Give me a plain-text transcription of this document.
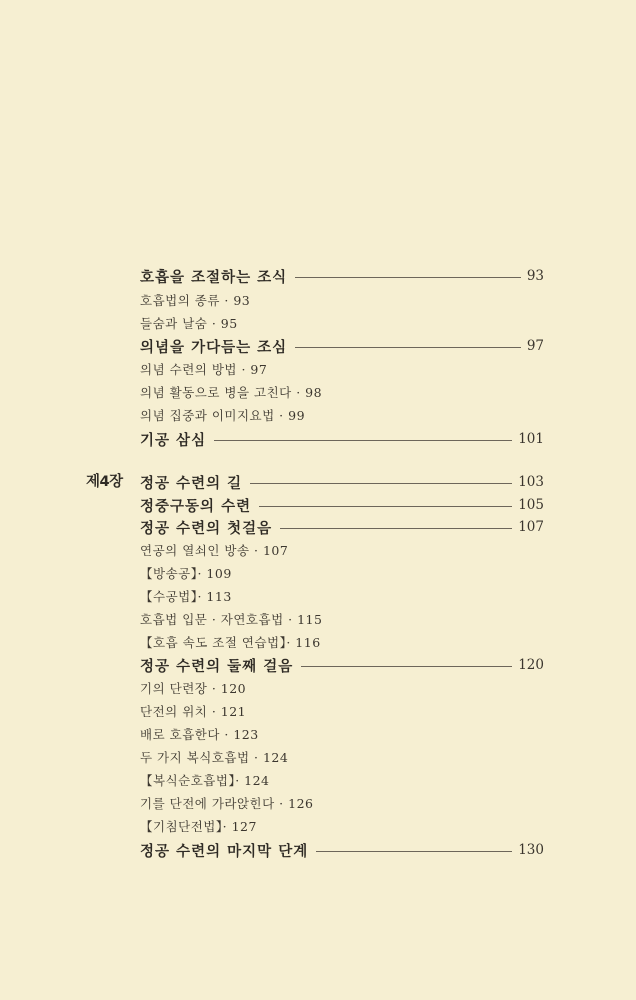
호흡을 조절하는 조식	93
호흡법의 종류 · 93
들숨과 날숨 · 95
의념을 가다듬는 조심	97
의념 수련의 방법 · 97
의념 활동으로 병을 고친다 · 98
의념 집중과 이미지요법 · 99
기공 삼심	101
제4장 정공 수련의 길	103
정중구동의 수련	105
정공 수련의 첫걸음	107
연공의 열쇠인 방송 · 107
【방송공】· 109
【수공법】· 113
호흡법 입문 · 자연호흡법 · 115
【호흡 속도 조절 연습법】· 116
정공 수련의 둘째 걸음	120
기의 단련장 · 120
단전의 위치 · 121
배로 호흡한다 · 123
두 가지 복식호흡법 · 124
【복식순호흡법】· 124
기를 단전에 가라앉힌다 · 126
【기침단전법】· 127
정공 수련의 마지막 단계	130
